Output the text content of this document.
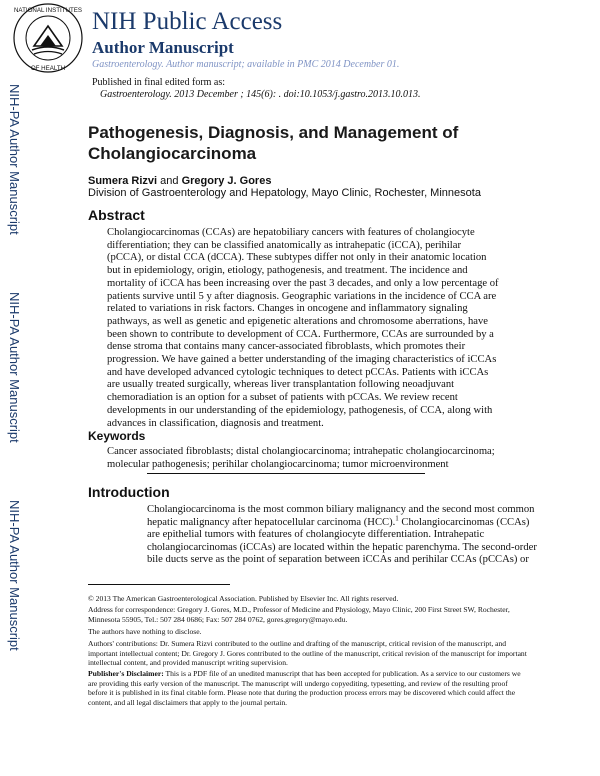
NATIONAL INSTITUTES
OF HEALTH
NIH Public Access
Author Manuscript
Gastroenterology. Author manuscript; available in PMC 2014 December 01.
Published in final edited form as:
Gastroenterology. 2013 December ; 145(6): . doi:10.1053/j.gastro.2013.10.013.
NIH-PA Author Manuscript
NIH-PA Author Manuscript
NIH-PA Author Manuscript
Pathogenesis, Diagnosis, and Management of Cholangiocarcinoma
Sumera Rizvi and Gregory J. Gores
Division of Gastroenterology and Hepatology, Mayo Clinic, Rochester, Minnesota
Abstract
Cholangiocarcinomas (CCAs) are hepatobiliary cancers with features of cholangiocyte differentiation; they can be classified anatomically as intrahepatic (iCCA), perihilar (pCCA), or distal CCA (dCCA). These subtypes differ not only in their anatomic location but in epidemiology, origin, etiology, pathogenesis, and treatment. The incidence and mortality of iCCA has been increasing over the past 3 decades, and only a low percentage of patients survive until 5 y after diagnosis. Geographic variations in the incidence of CCA are related to variations in risk factors. Changes in oncogene and inflammatory signaling pathways, as well as genetic and epigenetic alterations and chromosome aberrations, have been shown to contribute to development of CCA. Furthermore, CCAs are surrounded by a dense stroma that contains many cancer-associated fibroblasts, which promotes their progression. We have gained a better understanding of the imaging characteristics of iCCAs and have developed advanced cytologic techniques to detect pCCAs. Patients with iCCAs are usually treated surgically, whereas liver transplantation following neoadjuvant chemoradiation is an option for a subset of patients with pCCAs. We review recent developments in our understanding of the epidemiology, pathogenesis, of CCA, along with advances in classification, diagnosis and treatment.
Keywords
Cancer associated fibroblasts; distal cholangiocarcinoma; intrahepatic cholangiocarcinoma; molecular pathogenesis; perihilar cholangiocarcinoma; tumor microenvironment
Introduction
Cholangiocarcinoma is the most common biliary malignancy and the second most common hepatic malignancy after hepatocellular carcinoma (HCC).$^1$ Cholangiocarcinomas (CCAs) are epithelial tumors with features of cholangiocyte differentiation. Intrahepatic cholangiocarcinomas (iCCAs) are located within the hepatic parenchyma. The second-order bile ducts serve as the point of separation between iCCAs and perihilar CCAs (pCCAs) or
© 2013 The American Gastroenterological Association. Published by Elsevier Inc. All rights reserved.
Address for correspondence: Gregory J. Gores, M.D., Professor of Medicine and Physiology, Mayo Clinic, 200 First Street SW, Rochester, Minnesota 55905, Tel.: 507 284 0686; Fax: 507 284 0762, gores.gregory@mayo.edu.
The authors have nothing to disclose.
Authors' contributions: Dr. Sumera Rizvi contributed to the outline and drafting of the manuscript, critical revision of the manuscript, and important intellectual content; Dr. Gregory J. Gores contributed to the outline of the manuscript, critical revision of the manuscript for important intellectual content, and provided manuscript writing supervision.
Publisher's Disclaimer: This is a PDF file of an unedited manuscript that has been accepted for publication. As a service to our customers we are providing this early version of the manuscript. The manuscript will undergo copyediting, typesetting, and review of the resulting proof before it is published in its final citable form. Please note that during the production process errors may be discovered which could affect the content, and all legal disclaimers that apply to the journal pertain.
